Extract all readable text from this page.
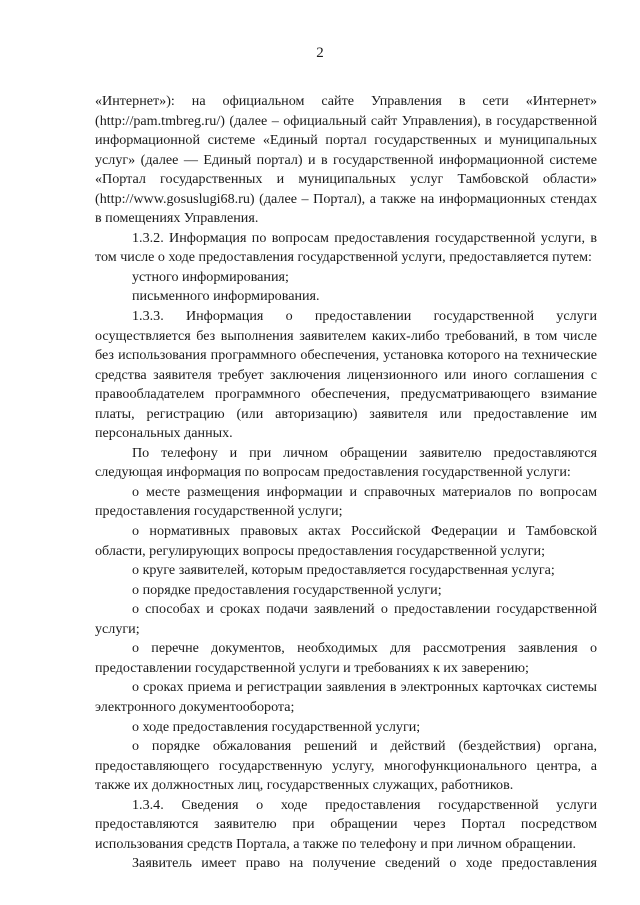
2

«Интернет»): на официальном сайте Управления в сети «Интернет» (http://pam.tmbreg.ru/) (далее – официальный сайт Управления), в государственной информационной системе «Единый портал государственных и муниципальных услуг» (далее — Единый портал) и в государственной информационной системе «Портал государственных и муниципальных услуг Тамбовской области» (http://www.gosuslugi68.ru) (далее – Портал), а также на информационных стендах в помещениях Управления.

1.3.2. Информация по вопросам предоставления государственной услуги, в том числе о ходе предоставления государственной услуги, предоставляется путем:

устного информирования;

письменного информирования.

1.3.3. Информация о предоставлении государственной услуги осуществляется без выполнения заявителем каких-либо требований, в том числе без использования программного обеспечения, установка которого на технические средства заявителя требует заключения лицензионного или иного соглашения с правообладателем программного обеспечения, предусматривающего взимание платы, регистрацию (или авторизацию) заявителя или предоставление им персональных данных.

По телефону и при личном обращении заявителю предоставляются следующая информация по вопросам предоставления государственной услуги:

о месте размещения информации и справочных материалов по вопросам предоставления государственной услуги;

о нормативных правовых актах Российской Федерации и Тамбовской области, регулирующих вопросы предоставления государственной услуги;

о круге заявителей, которым предоставляется государственная услуга;

о порядке предоставления государственной услуги;

о способах и сроках подачи заявлений о предоставлении государственной услуги;

о перечне документов, необходимых для рассмотрения заявления о предоставлении государственной услуги и требованиях к их заверению;

о сроках приема и регистрации заявления в электронных карточках системы электронного документооборота;

о ходе предоставления государственной услуги;

о порядке обжалования решений и действий (бездействия) органа, предоставляющего государственную услугу, многофункционального центра, а также их должностных лиц, государственных служащих, работников.

1.3.4. Сведения о ходе предоставления государственной услуги предоставляются заявителю при обращении через Портал посредством использования средств Портала, а также по телефону и при личном обращении.

Заявитель имеет право на получение сведений о ходе предоставления
